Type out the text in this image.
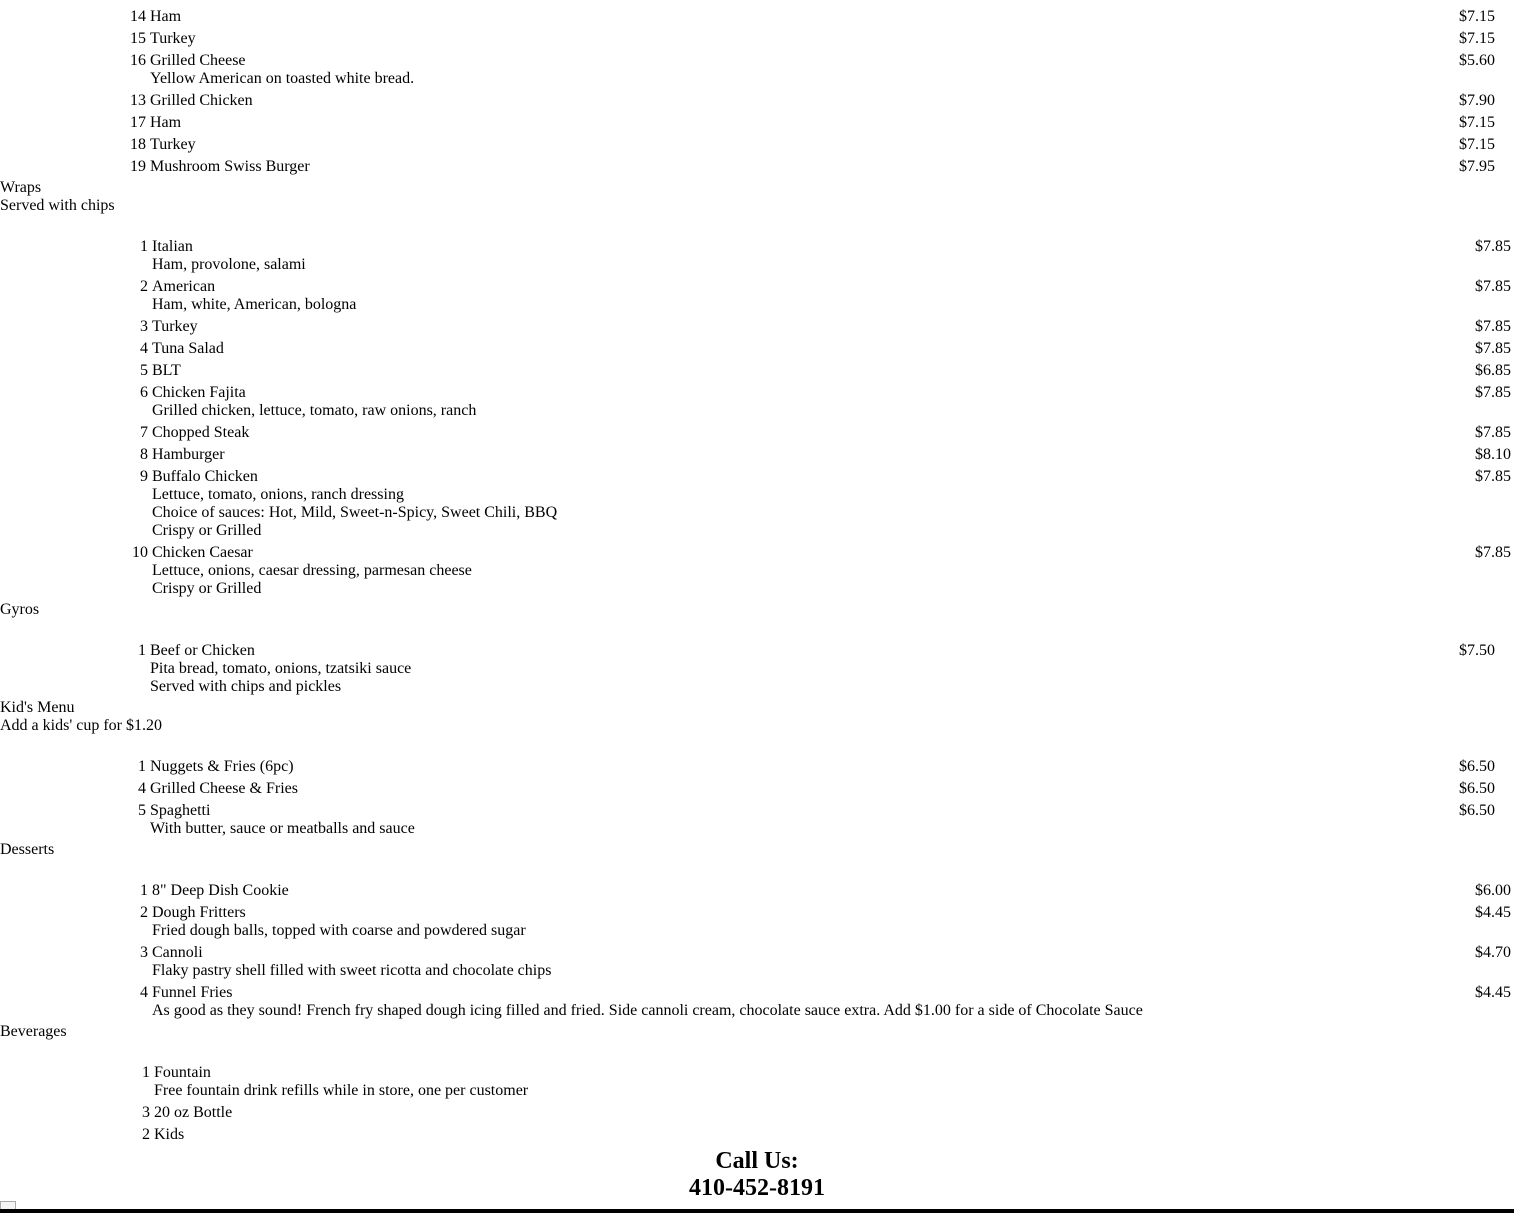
14 Ham	$7.15
15 Turkey	$7.15
16 Grilled Cheese	$5.60
Yellow American on toasted white bread.
13 Grilled Chicken	$7.90
17 Ham	$7.15
18 Turkey	$7.15
19 Mushroom Swiss Burger	$7.95
Wraps
Served with chips
1 Italian	$7.85
Ham, provolone, salami
2 American	$7.85
Ham, white, American, bologna
3 Turkey	$7.85
4 Tuna Salad	$7.85
5 BLT	$6.85
6 Chicken Fajita	$7.85
Grilled chicken, lettuce, tomato, raw onions, ranch
7 Chopped Steak	$7.85
8 Hamburger	$8.10
9 Buffalo Chicken	$7.85
Lettuce, tomato, onions, ranch dressing
Choice of sauces: Hot, Mild, Sweet-n-Spicy, Sweet Chili, BBQ
Crispy or Grilled
10 Chicken Caesar	$7.85
Lettuce, onions, caesar dressing, parmesan cheese
Crispy or Grilled
Gyros
1 Beef or Chicken	$7.50
Pita bread, tomato, onions, tzatsiki sauce
Served with chips and pickles
Kid's Menu
Add a kids' cup for $1.20
1 Nuggets & Fries (6pc)	$6.50
4 Grilled Cheese & Fries	$6.50
5 Spaghetti	$6.50
With butter, sauce or meatballs and sauce
Desserts
1 8" Deep Dish Cookie	$6.00
2 Dough Fritters	$4.45
Fried dough balls, topped with coarse and powdered sugar
3 Cannoli	$4.70
Flaky pastry shell filled with sweet ricotta and chocolate chips
4 Funnel Fries	$4.45
As good as they sound! French fry shaped dough icing filled and fried. Side cannoli cream, chocolate sauce extra. Add $1.00 for a side of Chocolate Sauce
Beverages
1 Fountain
Free fountain drink refills while in store, one per customer
3 20 oz Bottle
2 Kids
Call Us:
410-452-8191
